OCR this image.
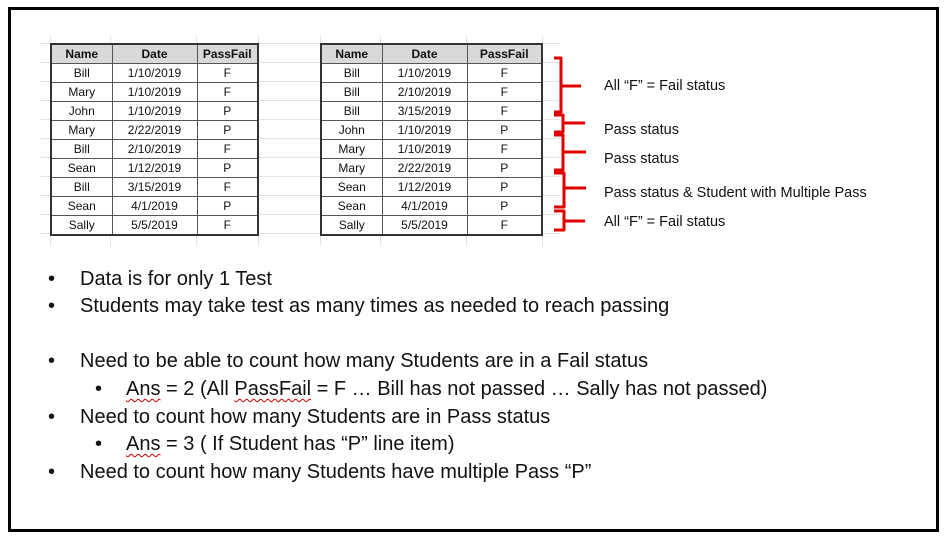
Name	Date	PassFail
Bill	1/10/2019	F
Mary	1/10/2019	F
John	1/10/2019	P
Mary	2/22/2019	P
Bill	2/10/2019	F
Sean	1/12/2019	P
Bill	3/15/2019	F
Sean	4/1/2019	P
Sally	5/5/2019	F
Name	Date	PassFail
Bill	1/10/2019	F
Bill	2/10/2019	F
Bill	3/15/2019	F
John	1/10/2019	P
Mary	1/10/2019	F
Mary	2/22/2019	P
Sean	1/12/2019	P
Sean	4/1/2019	P
Sally	5/5/2019	F
All “F” = Fail status
Pass status
Pass status
Pass status & Student with Multiple Pass
All “F” = Fail status
• Data is for only 1 Test
• Students may take test as many times as needed to reach passing
• Need to be able to count how many Students are in a Fail status
• Ans = 2 (All PassFail = F … Bill has not passed … Sally has not passed)
• Need to count how many Students are in Pass status
• Ans = 3 ( If Student has “P” line item)
• Need to count how many Students have multiple Pass “P”
